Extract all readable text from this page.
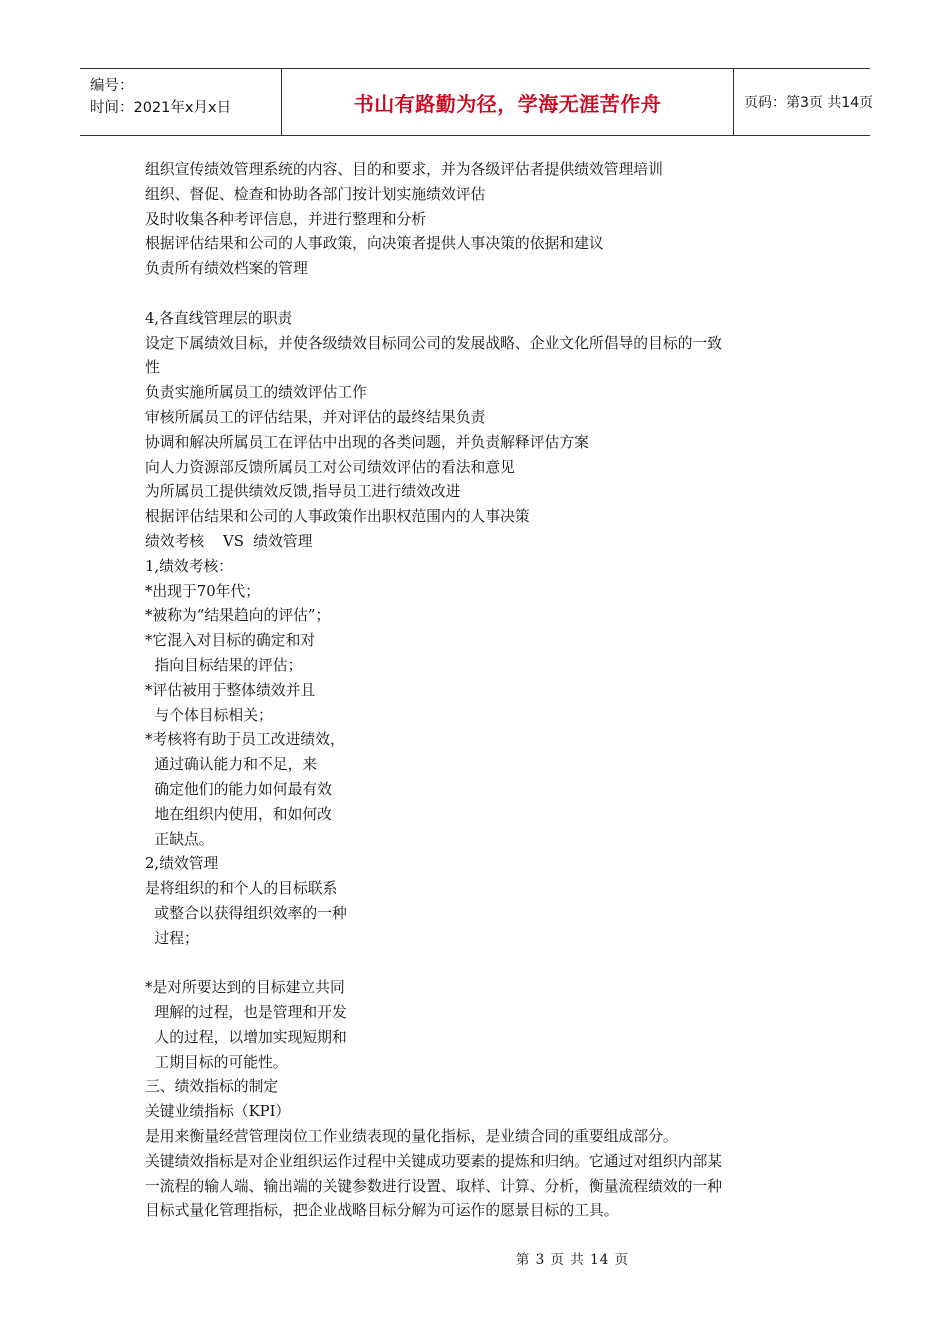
编号：
时间：2021年x月x日	书山有路勤为径，学海无涯苦作舟	页码：第3页 共14页
组织宣传绩效管理系统的内容、目的和要求，并为各级评估者提供绩效管理培训
组织、督促、检查和协助各部门按计划实施绩效评估
及时收集各种考评信息，并进行整理和分析
根据评估结果和公司的人事政策，向决策者提供人事决策的依据和建议
负责所有绩效档案的管理
4,各直线管理层的职责
设定下属绩效目标，并使各级绩效目标同公司的发展战略、企业文化所倡导的目标的一致
性
负责实施所属员工的绩效评估工作
审核所属员工的评估结果，并对评估的最终结果负责
协调和解决所属员工在评估中出现的各类问题，并负责解释评估方案
向人力资源部反馈所属员工对公司绩效评估的看法和意见
为所属员工提供绩效反馈,指导员工进行绩效改进
根据评估结果和公司的人事政策作出职权范围内的人事决策
绩效考核    VS  绩效管理
1,绩效考核：
*出现于70年代；
*被称为“结果趋向的评估”；
*它混入对目标的确定和对
指向目标结果的评估；
*评估被用于整体绩效并且
与个体目标相关；
*考核将有助于员工改进绩效，
通过确认能力和不足，来
确定他们的能力如何最有效
地在组织内使用，和如何改
正缺点。
2,绩效管理
是将组织的和个人的目标联系
或整合以获得组织效率的一种
过程；
*是对所要达到的目标建立共同
理解的过程，也是管理和开发
人的过程，以增加实现短期和
工期目标的可能性。
三、绩效指标的制定
关键业绩指标（KPI）
是用来衡量经营管理岗位工作业绩表现的量化指标，是业绩合同的重要组成部分。
关键绩效指标是对企业组织运作过程中关键成功要素的提炼和归纳。它通过对组织内部某
一流程的输人端、输出端的关键参数进行设置、取样、计算、分析，衡量流程绩效的一种
目标式量化管理指标，把企业战略目标分解为可运作的愿景目标的工具。
第 3 页 共 14 页
